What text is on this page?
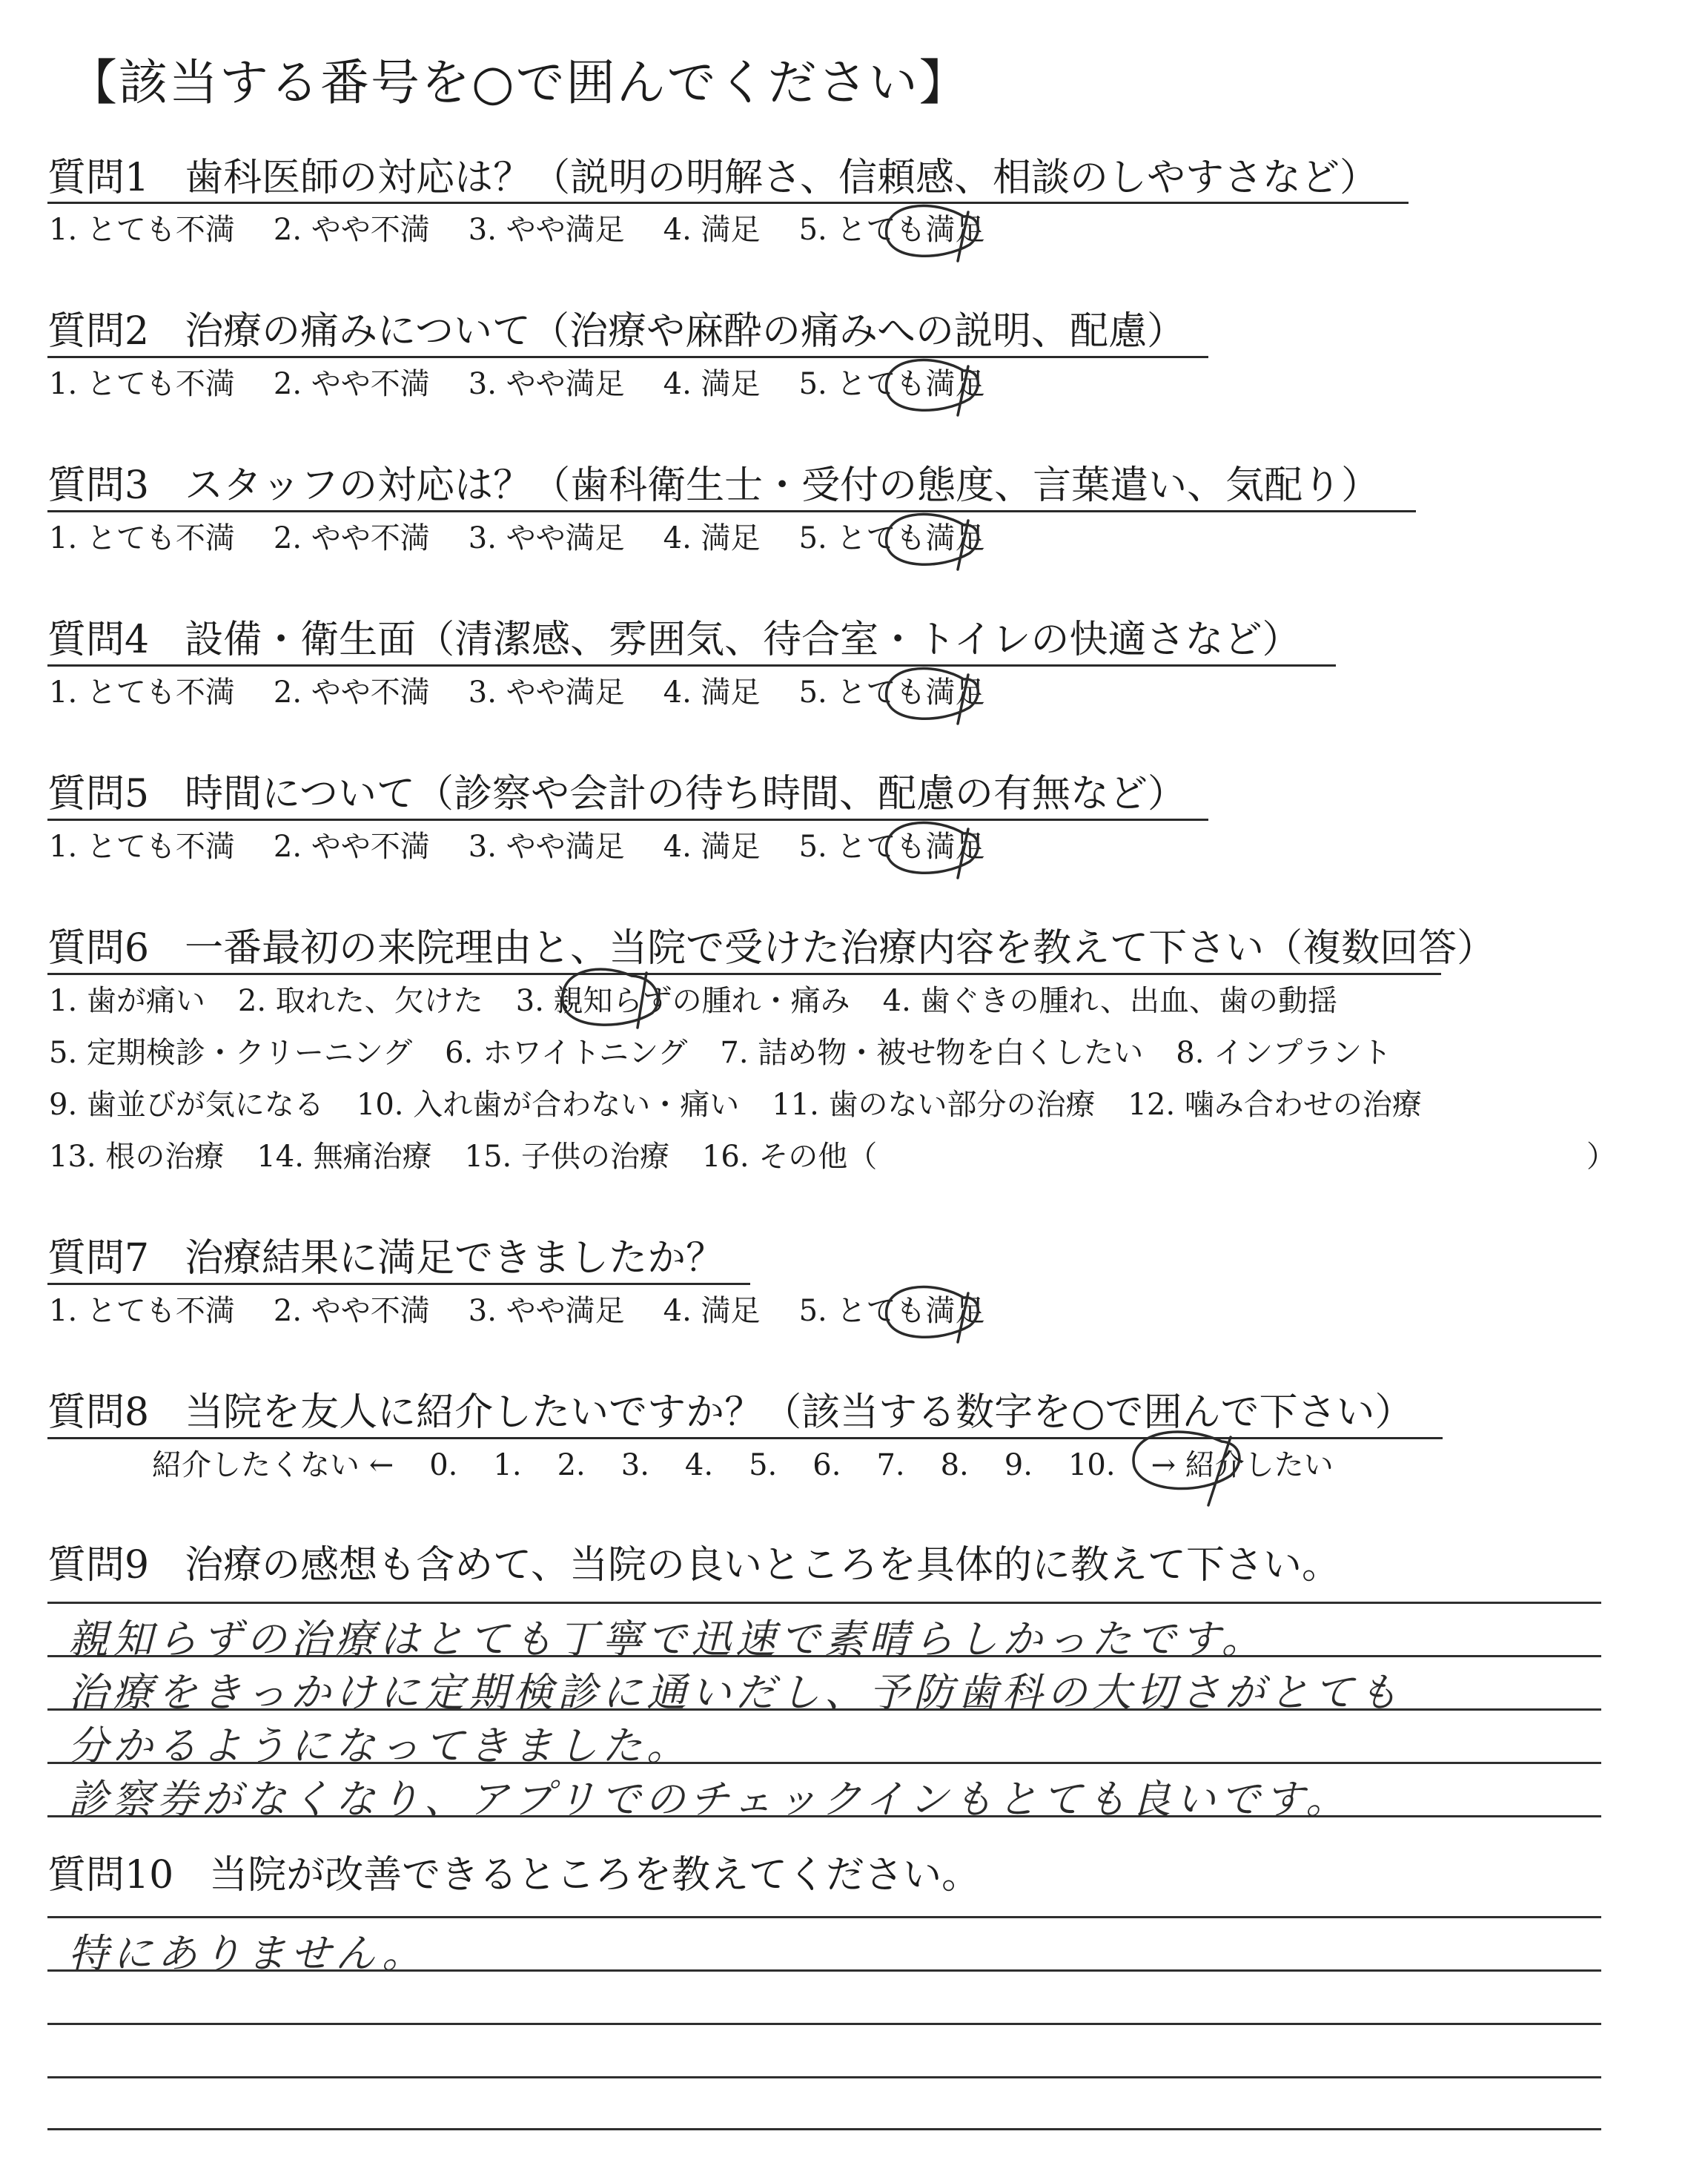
【該当する番号を○で囲んでください】
質問1 歯科医師の対応は？（説明の明解さ、信頼感、相談のしやすさなど）
1. とても不満 2. やや不満 3. やや満足 4. 満足 5. とても満足
質問2 治療の痛みについて（治療や麻酔の痛みへの説明、配慮）
1. とても不満 2. やや不満 3. やや満足 4. 満足 5. とても満足
質問3 スタッフの対応は？（歯科衛生士・受付の態度、言葉遣い、気配り）
1. とても不満 2. やや不満 3. やや満足 4. 満足 5. とても満足
質問4 設備・衛生面（清潔感、雰囲気、待合室・トイレの快適さなど）
1. とても不満 2. やや不満 3. やや満足 4. 満足 5. とても満足
質問5 時間について（診察や会計の待ち時間、配慮の有無など）
1. とても不満 2. やや不満 3. やや満足 4. 満足 5. とても満足
質問6 一番最初の来院理由と、当院で受けた治療内容を教えて下さい（複数回答）
1. 歯が痛い 2. 取れた、欠けた 3. 親知らずの腫れ・痛み 4. 歯ぐきの腫れ、出血、歯の動揺
5. 定期検診・クリーニング 6. ホワイトニング 7. 詰め物・被せ物を白くしたい 8. インプラント
9. 歯並びが気になる 10. 入れ歯が合わない・痛い 11. 歯のない部分の治療 12. 噛み合わせの治療
13. 根の治療 14. 無痛治療 15. 子供の治療 16. その他（	）
質問7 治療結果に満足できましたか？
1. とても不満 2. やや不満 3. やや満足 4. 満足 5. とても満足
質問8 当院を友人に紹介したいですか？（該当する数字を○で囲んで下さい）
紹介したくない ← 0. 1. 2. 3. 4. 5. 6. 7. 8. 9. 10. → 紹介したい
質問9 治療の感想も含めて、当院の良いところを具体的に教えて下さい。
親知らずの治療はとても丁寧で迅速で素晴らしかったです。
治療をきっかけに定期検診に通いだし、予防歯科の大切さがとても
分かるようになってきました。
診察券がなくなり、アプリでのチェックインもとても良いです。
質問10 当院が改善できるところを教えてください。
特にありません。
